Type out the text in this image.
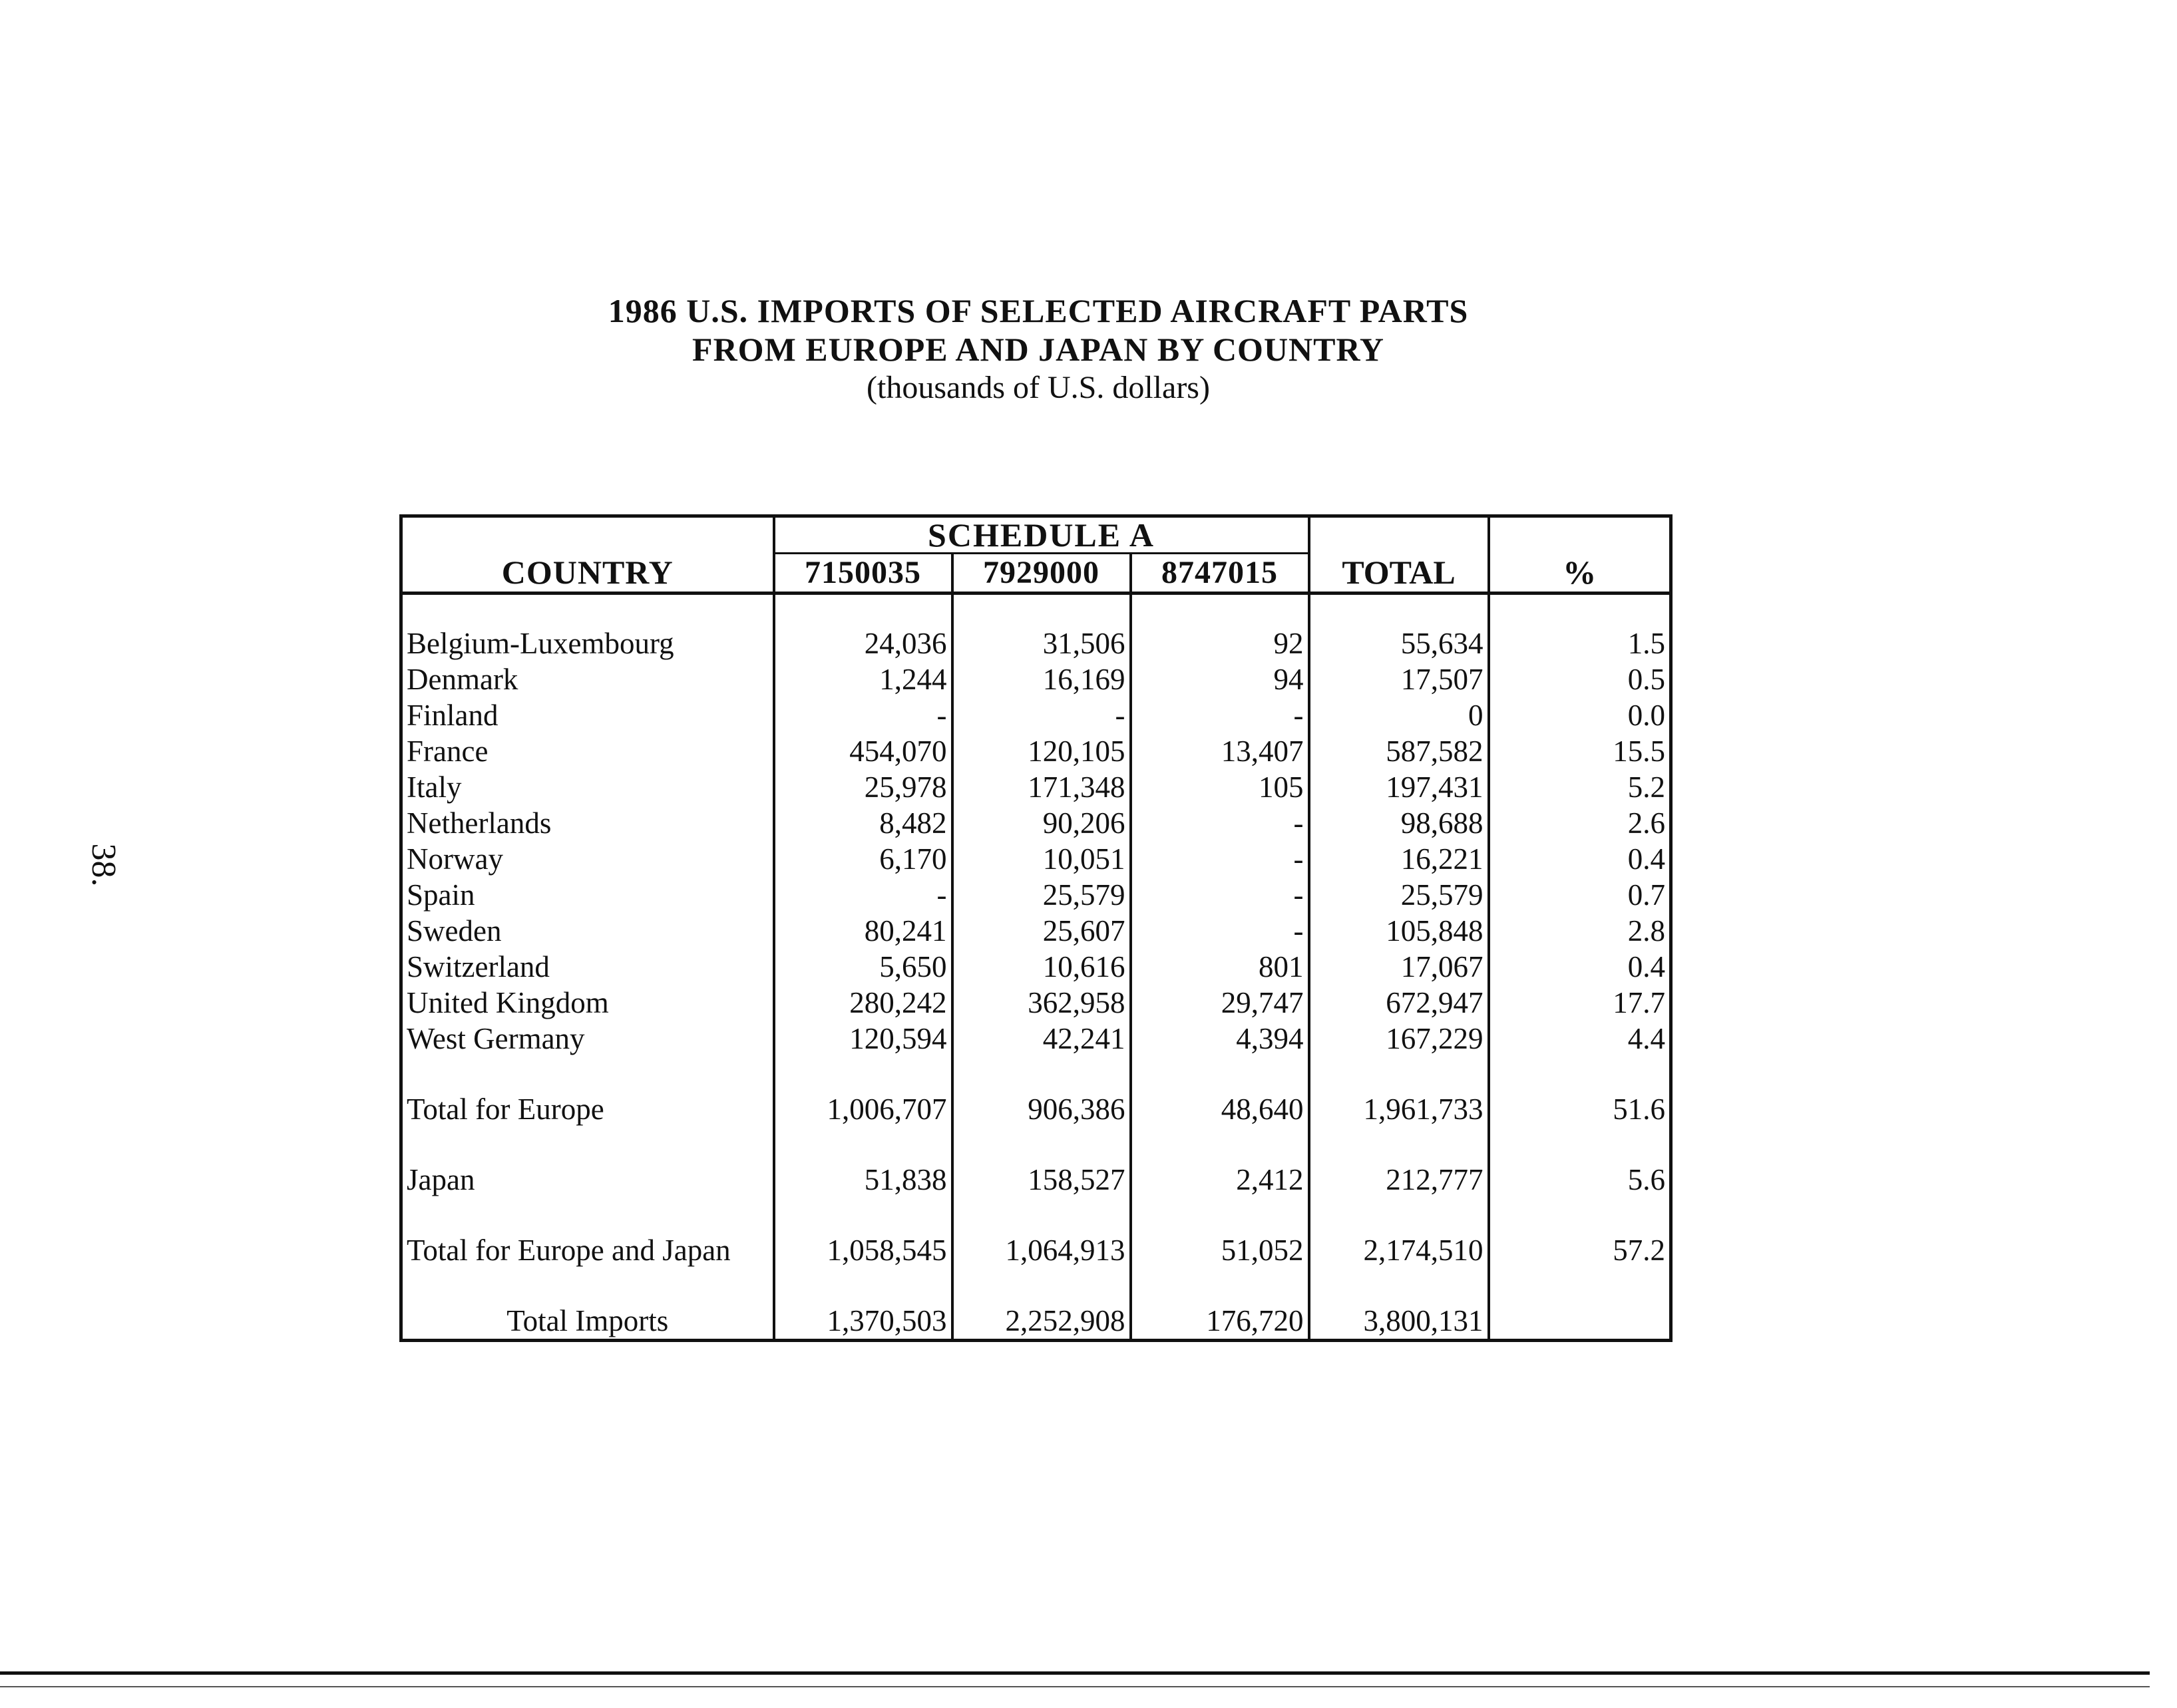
1986 U.S. IMPORTS OF SELECTED AIRCRAFT PARTS
FROM EUROPE AND JAPAN BY COUNTRY
(thousands of U.S. dollars)
38.
COUNTRY	SCHEDULE A			TOTAL	%
	7150035	7929000	8747015		

Belgium-Luxembourg	24,036	31,506	92	55,634	1.5
Denmark	1,244	16,169	94	17,507	0.5
Finland	-	-	-	0	0.0
France	454,070	120,105	13,407	587,582	15.5
Italy	25,978	171,348	105	197,431	5.2
Netherlands	8,482	90,206	-	98,688	2.6
Norway	6,170	10,051	-	16,221	0.4
Spain	-	25,579	-	25,579	0.7
Sweden	80,241	25,607	-	105,848	2.8
Switzerland	5,650	10,616	801	17,067	0.4
United Kingdom	280,242	362,958	29,747	672,947	17.7
West Germany	120,594	42,241	4,394	167,229	4.4

Total for Europe	1,006,707	906,386	48,640	1,961,733	51.6

Japan	51,838	158,527	2,412	212,777	5.6

Total for Europe and Japan	1,058,545	1,064,913	51,052	2,174,510	57.2

Total Imports	1,370,503	2,252,908	176,720	3,800,131	
